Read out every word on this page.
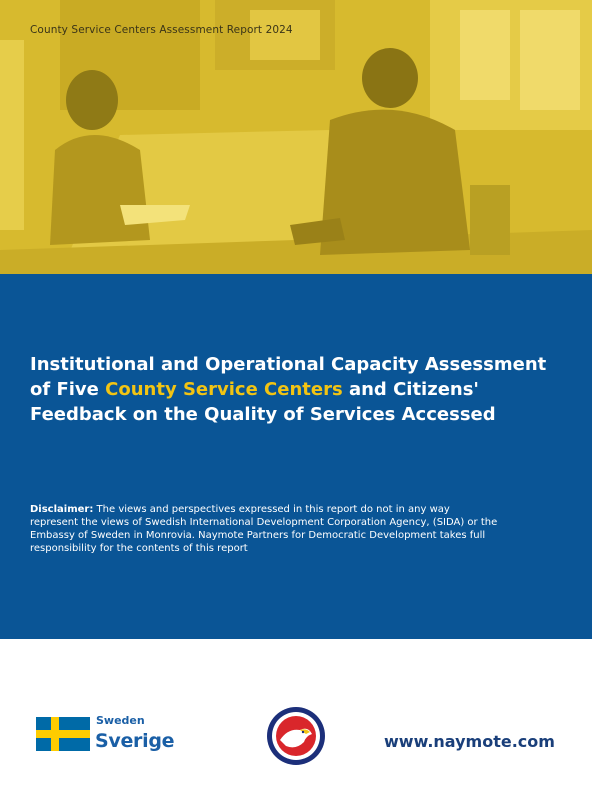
County Service Centers Assessment Report 2024
Institutional and Operational Capacity Assessment of Five County Service Centers and Citizens' Feedback on the Quality of Services Accessed

Disclaimer: The views and perspectives expressed in this report do not in any way represent the views of Swedish International Development Corporation Agency, (SIDA) or the Embassy of Sweden in Monrovia. Naymote Partners for Democratic Development takes full responsibility for the contents of this report

Sweden
Sverige	www.naymote.com
